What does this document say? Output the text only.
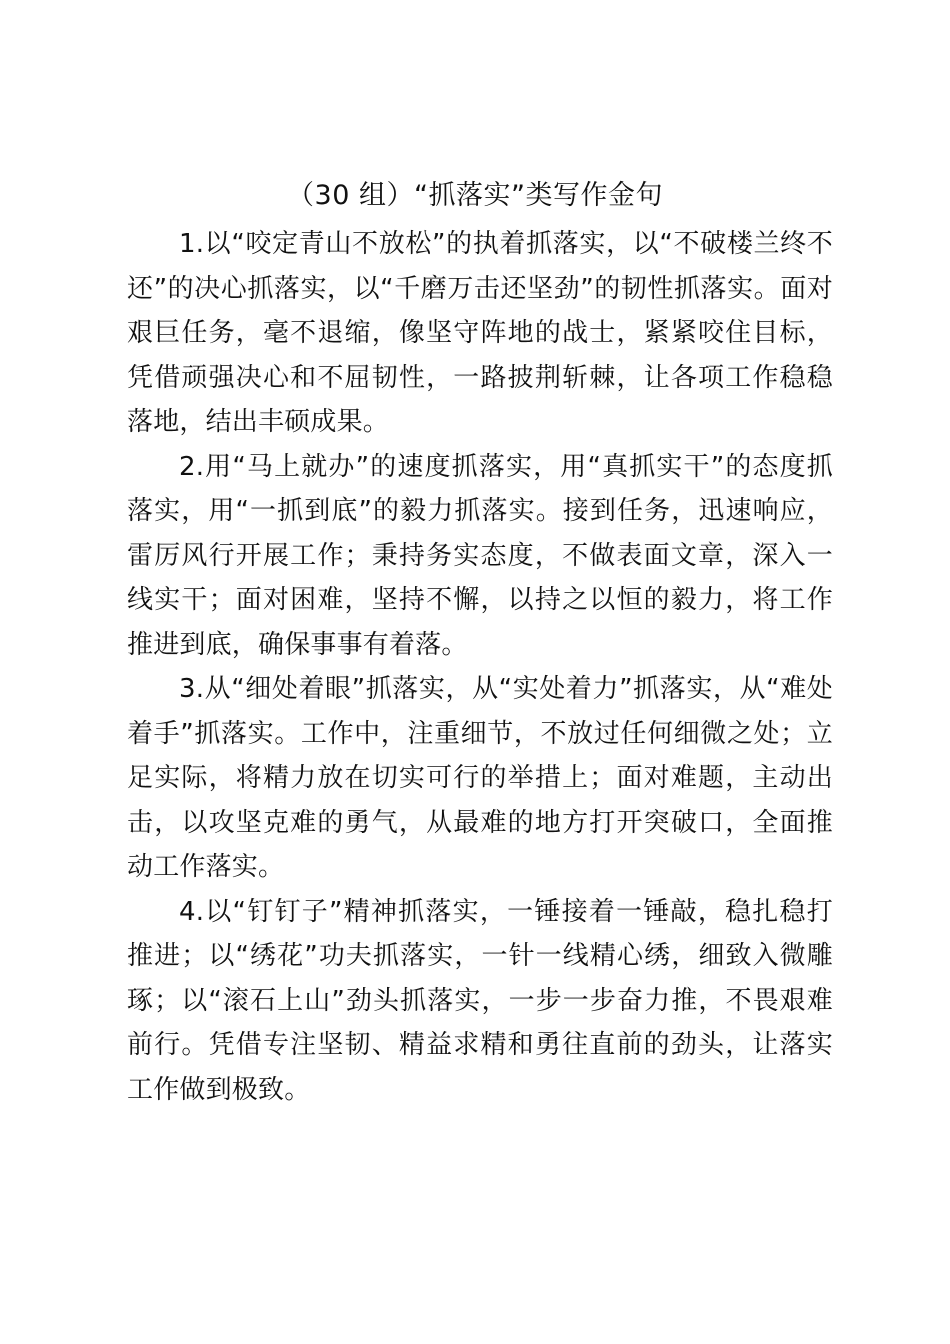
（30 组）“抓落实”类写作金句

1.以“咬定青山不放松”的执着抓落实，以“不破楼兰终不还”的决心抓落实，以“千磨万击还坚劲”的韧性抓落实。面对艰巨任务，毫不退缩，像坚守阵地的战士，紧紧咬住目标，凭借顽强决心和不屈韧性，一路披荆斩棘，让各项工作稳稳落地，结出丰硕成果。

2.用“马上就办”的速度抓落实，用“真抓实干”的态度抓落实，用“一抓到底”的毅力抓落实。接到任务，迅速响应，雷厉风行开展工作；秉持务实态度，不做表面文章，深入一线实干；面对困难，坚持不懈，以持之以恒的毅力，将工作推进到底，确保事事有着落。

3.从“细处着眼”抓落实，从“实处着力”抓落实，从“难处着手”抓落实。工作中，注重细节，不放过任何细微之处；立足实际，将精力放在切实可行的举措上；面对难题，主动出击，以攻坚克难的勇气，从最难的地方打开突破口，全面推动工作落实。

4.以“钉钉子”精神抓落实，一锤接着一锤敲，稳扎稳打推进；以“绣花”功夫抓落实，一针一线精心绣，细致入微雕琢；以“滚石上山”劲头抓落实，一步一步奋力推，不畏艰难前行。凭借专注坚韧、精益求精和勇往直前的劲头，让落实工作做到极致。
